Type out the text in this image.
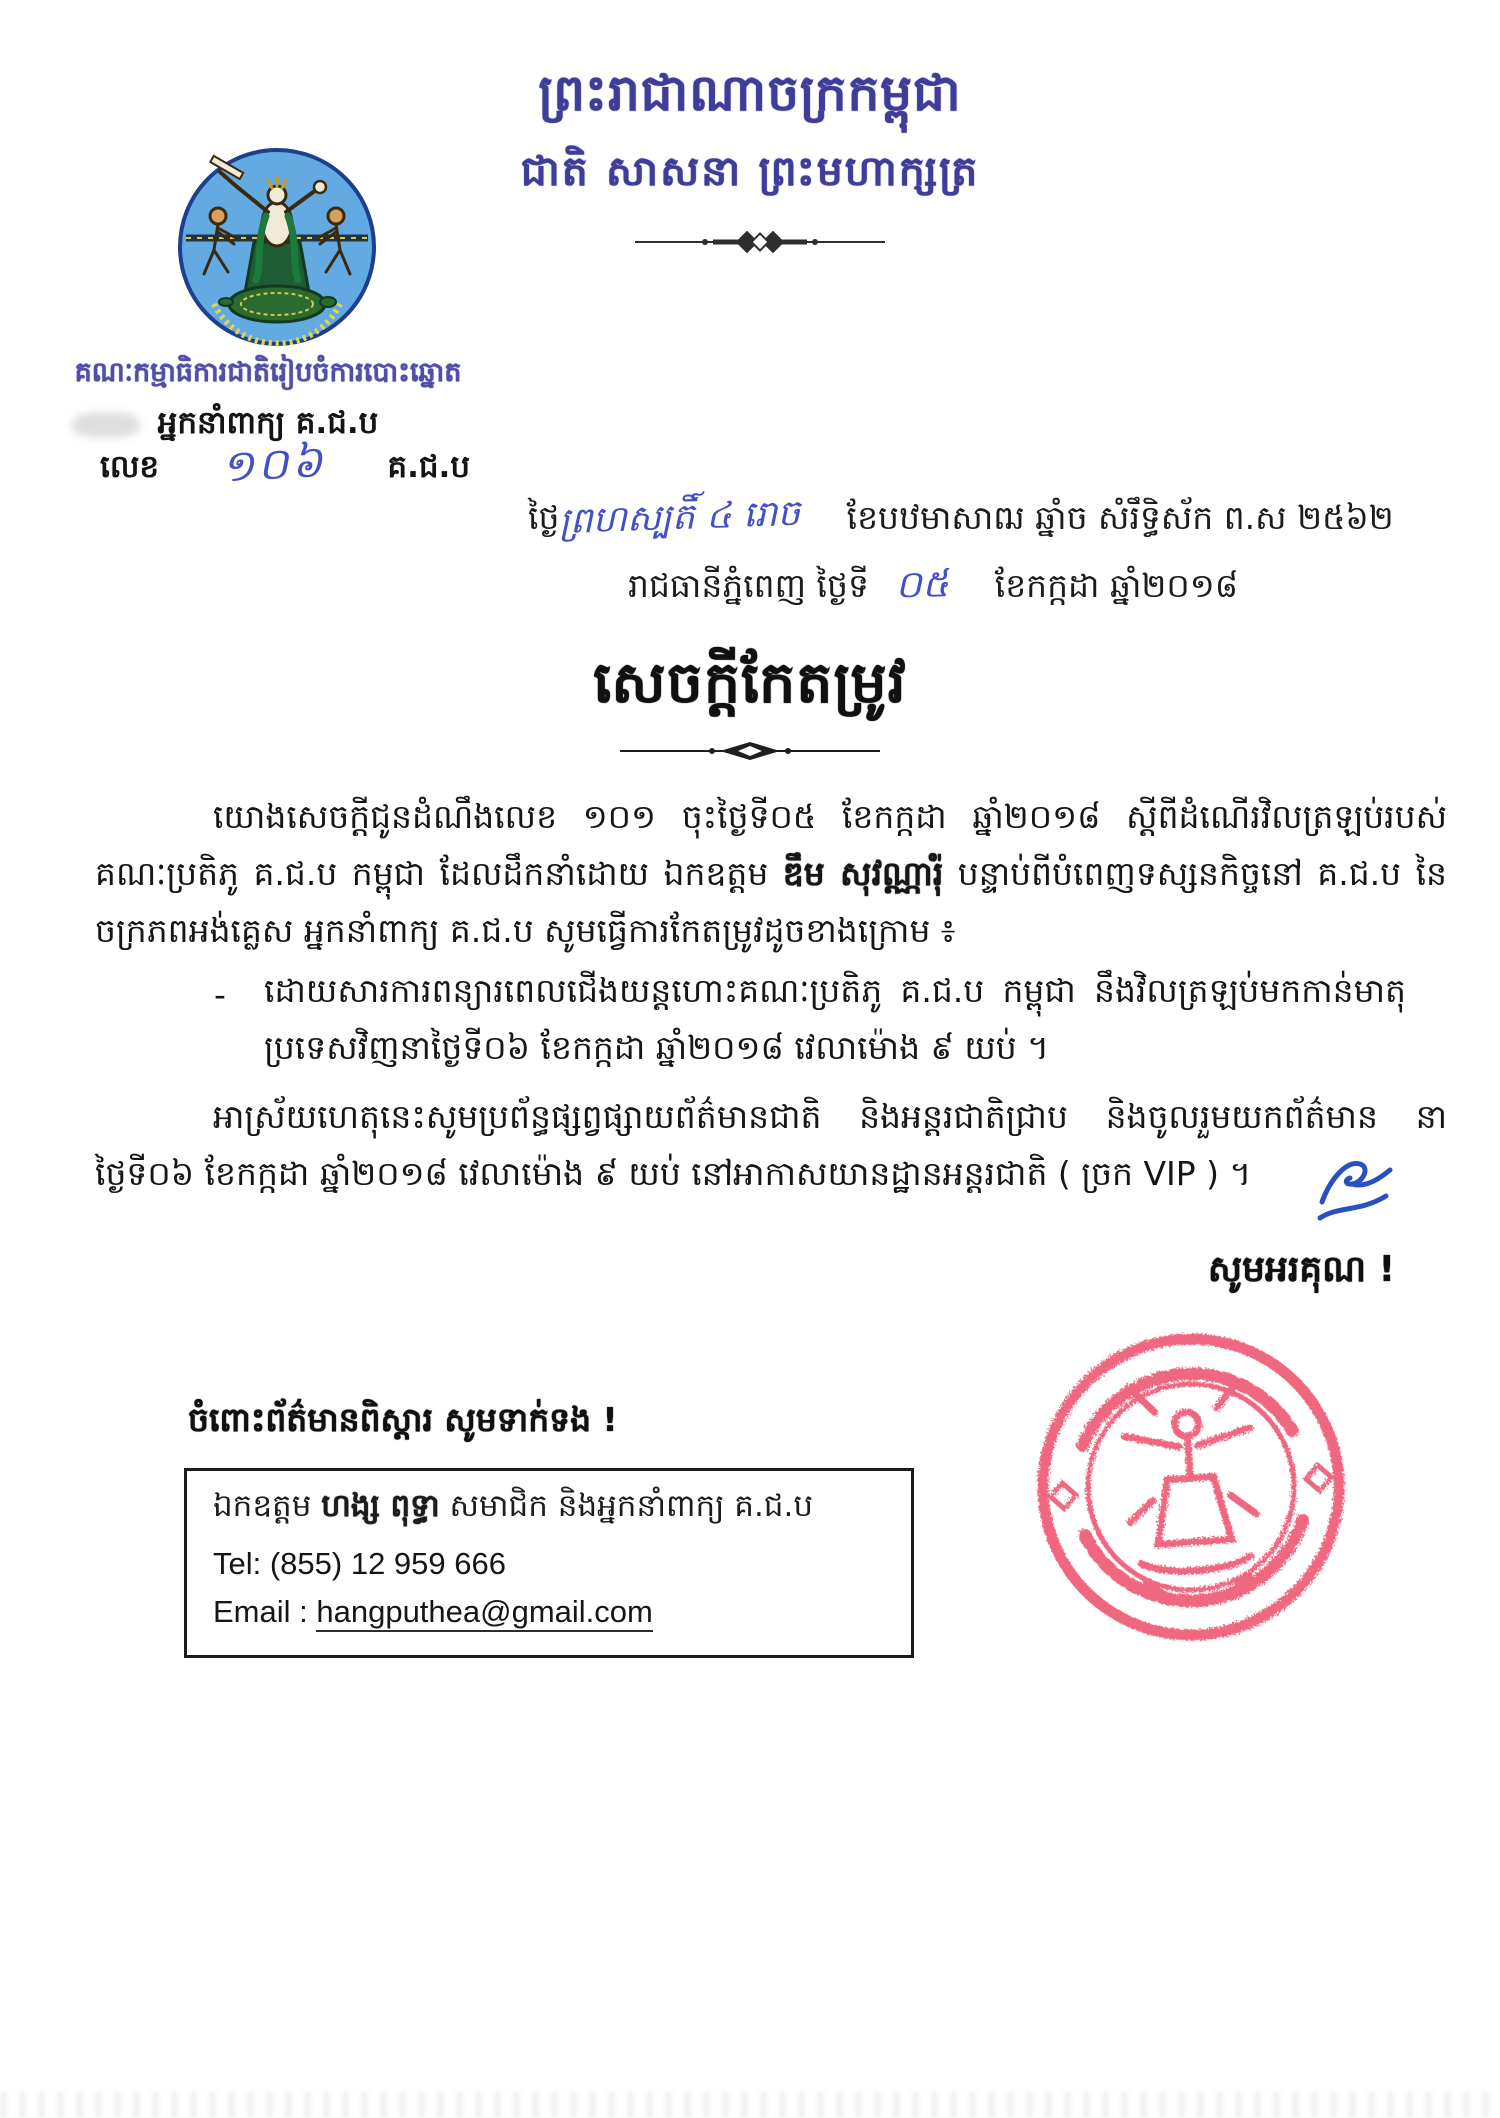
ព្រះរាជាណាចក្រកម្ពុជា
ជាតិ សាសនា ព្រះមហាក្សត្រ
គណៈកម្មាធិការជាតិរៀបចំការបោះឆ្នោត
អ្នកនាំពាក្យ គ.ជ.ប
លេខ ១០៦ គ.ជ.ប
ថ្ងៃព្រហស្បតិ៍ ៤ រោច ខែបឋមាសាឍ ឆ្នាំច សំរឹទ្ធិស័ក ព.ស ២៥៦២
រាជធានីភ្នំពេញ ថ្ងៃទី ០៥ ខែកក្កដា ឆ្នាំ២០១៨
សេចក្តីកែតម្រូវ
យោងសេចក្តីជូនដំណឹងលេខ ១០១ ចុះថ្ងៃទី០៥ ខែកក្កដា ឆ្នាំ២០១៨ ស្តីពីដំណើរវិលត្រឡប់របស់គណៈប្រតិភូ គ.ជ.ប កម្ពុជា ដែលដឹកនាំដោយ ឯកឧត្តម ឌឹម សុវណ្ណារ៉ុំ បន្ទាប់ពីបំពេញទស្សនកិច្ចនៅ គ.ជ.ប នៃចក្រភពអង់គ្លេស អ្នកនាំពាក្យ គ.ជ.ប សូមធ្វើការកែតម្រូវដូចខាងក្រោម ៖
- ដោយសារការពន្យារពេលជើងយន្តហោះគណៈប្រតិភូ គ.ជ.ប កម្ពុជា នឹងវិលត្រឡប់មកកាន់មាតុប្រទេសវិញនាថ្ងៃទី០៦ ខែកក្កដា ឆ្នាំ២០១៨ វេលាម៉ោង ៩ យប់ ។
អាស្រ័យហេតុនេះសូមប្រព័ន្ធផ្សព្វផ្សាយព័ត៌មានជាតិ និងអន្តរជាតិជ្រាប និងចូលរួមយកព័ត៌មាន នាថ្ងៃទី០៦ ខែកក្កដា ឆ្នាំ២០១៨ វេលាម៉ោង ៩ យប់ នៅអាកាសយានដ្ឋានអន្តរជាតិ ( ច្រក VIP ) ។
សូមអរគុណ !
ចំពោះព័ត៌មានពិស្តារ សូមទាក់ទង !
ឯកឧត្តម ហង្ស ពុទ្ធា សមាជិក និងអ្នកនាំពាក្យ គ.ជ.ប
Tel: (855) 12 959 666
Email : hangputhea@gmail.com
